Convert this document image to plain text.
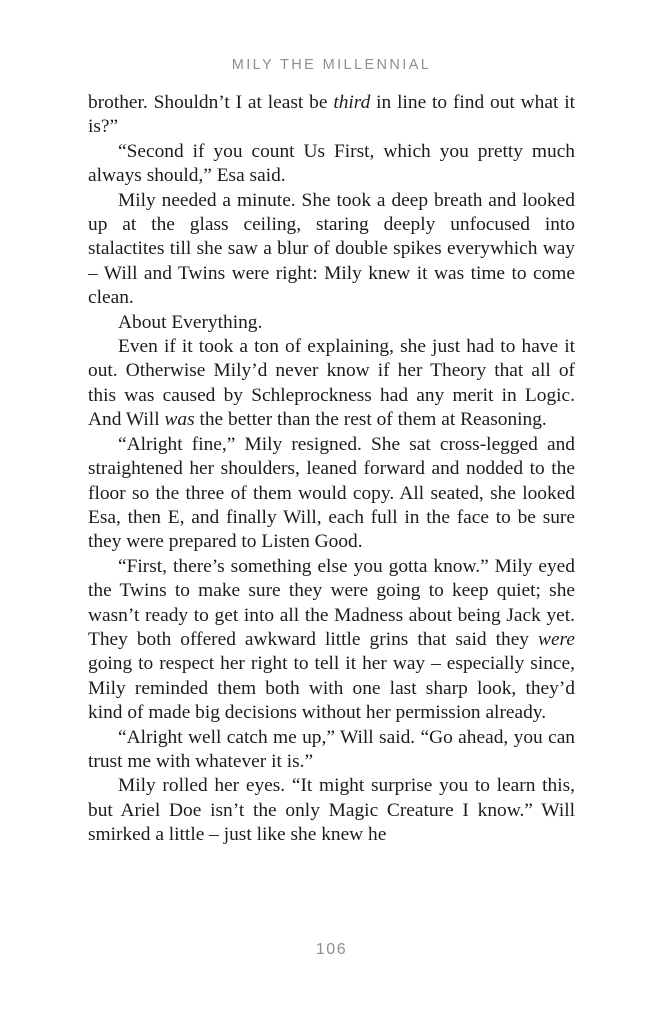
MILY THE MILLENNIAL

brother. Shouldn’t I at least be third in line to find out what it is?”

“Second if you count Us First, which you pretty much always should,” Esa said.

Mily needed a minute. She took a deep breath and looked up at the glass ceiling, staring deeply unfocused into stalactites till she saw a blur of double spikes everywhich way – Will and Twins were right: Mily knew it was time to come clean.

About Everything.

Even if it took a ton of explaining, she just had to have it out. Otherwise Mily’d never know if her Theory that all of this was caused by Schleprockness had any merit in Logic. And Will was the better than the rest of them at Reasoning.

“Alright fine,” Mily resigned. She sat cross-legged and straightened her shoulders, leaned forward and nodded to the floor so the three of them would copy. All seated, she looked Esa, then E, and finally Will, each full in the face to be sure they were prepared to Listen Good.

“First, there’s something else you gotta know.” Mily eyed the Twins to make sure they were going to keep quiet; she wasn’t ready to get into all the Madness about being Jack yet. They both offered awkward little grins that said they were going to respect her right to tell it her way – especially since, Mily reminded them both with one last sharp look, they’d kind of made big decisions without her permission already.

“Alright well catch me up,” Will said. “Go ahead, you can trust me with whatever it is.”

Mily rolled her eyes. “It might surprise you to learn this, but Ariel Doe isn’t the only Magic Creature I know.” Will smirked a little – just like she knew he

106
